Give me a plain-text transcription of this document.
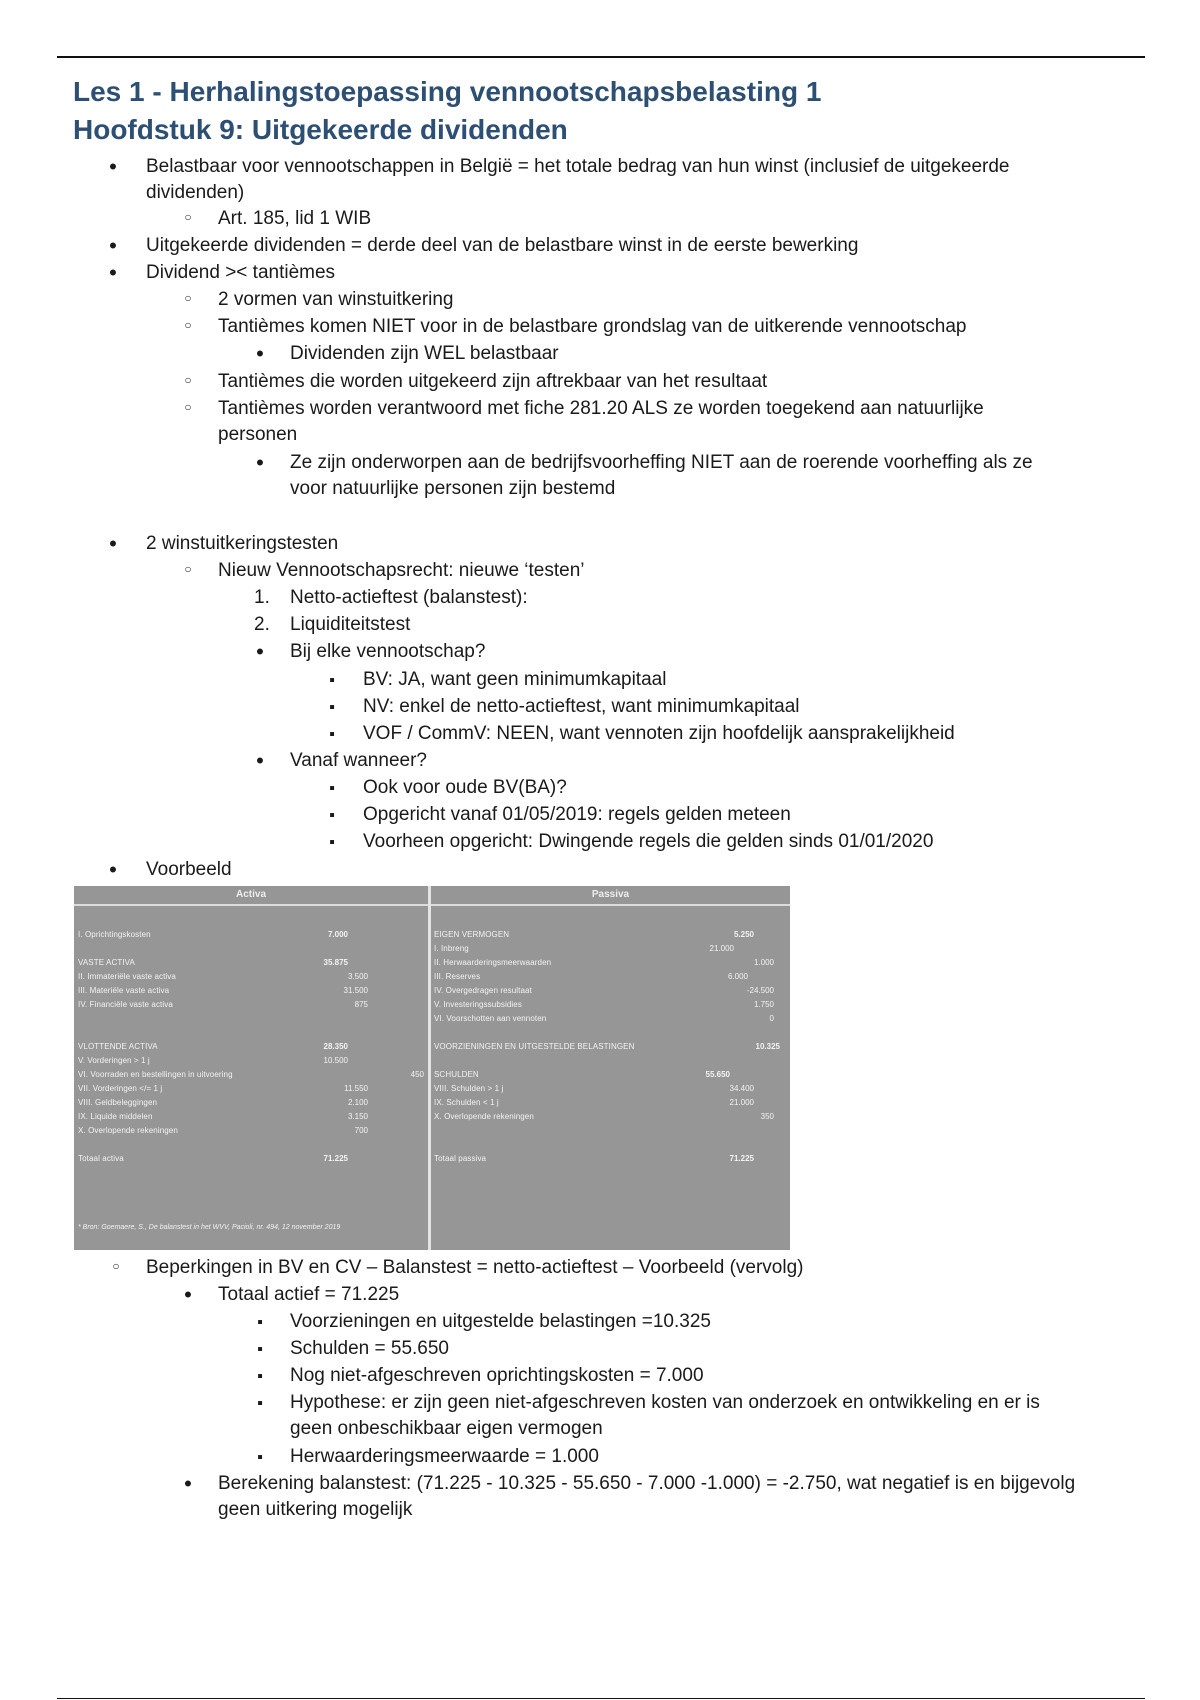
Les 1 - Herhalingstoepassing vennootschapsbelasting 1
Hoofdstuk 9: Uitgekeerde dividenden
•
Belastbaar voor vennootschappen in België = het totale bedrag van hun winst (inclusief de uitgekeerde
dividenden)
○
Art. 185, lid 1 WIB
•
Uitgekeerde dividenden = derde deel van de belastbare winst in de eerste bewerking
•
Dividend >< tantièmes
○
2 vormen van winstuitkering
○
Tantièmes komen NIET voor in de belastbare grondslag van de uitkerende vennootschap
•
Dividenden zijn WEL belastbaar
○
Tantièmes die worden uitgekeerd zijn aftrekbaar van het resultaat
○
Tantièmes worden verantwoord met fiche 281.20 ALS ze worden toegekend aan natuurlijke
personen
•
Ze zijn onderworpen aan de bedrijfsvoorheffing NIET aan de roerende voorheffing als ze
voor natuurlijke personen zijn bestemd
•
2 winstuitkeringstesten
○
Nieuw Vennootschapsrecht: nieuwe ‘testen’
1. Netto-actieftest (balanstest):
2. Liquiditeitstest
•
Bij elke vennootschap?
▪
BV: JA, want geen minimumkapitaal
▪
NV: enkel de netto-actieftest, want minimumkapitaal
▪
VOF / CommV: NEEN, want vennoten zijn hoofdelijk aansprakelijkheid
•
Vanaf wanneer?
▪
Ook voor oude BV(BA)?
▪
Opgericht vanaf 01/05/2019: regels gelden meteen
▪
Voorheen opgericht: Dwingende regels die gelden sinds 01/01/2020
•
Voorbeeld
Activa	Passiva
I. Oprichtingskosten	7.000
VASTE ACTIVA	35.875
II. Immateriële vaste activa	3.500
III. Materiële vaste activa	31.500
IV. Financiële vaste activa	875
VLOTTENDE ACTIVA	28.350
V. Vorderingen > 1 j	10.500
VI. Voorraden en bestellingen in uitvoering	450
VII. Vorderingen </= 1 j	11.550
VIII. Geldbeleggingen	2.100
IX. Liquide middelen	3.150
X. Overlopende rekeningen	700
Totaal activa	71.225
* Bron: Goemaere, S., De balanstest in het WVV, Pacioli, nr. 494, 12 november 2019
EIGEN VERMOGEN	5.250
I. Inbreng	21.000
II. Herwaarderingsmeerwaarden	1.000
III. Reserves	6.000
IV. Overgedragen resultaat	-24.500
V. Investeringssubsidies	1.750
VI. Voorschotten aan vennoten	0
VOORZIENINGEN EN UITGESTELDE BELASTINGEN	10.325
SCHULDEN	55.650
VIII. Schulden > 1 j	34.400
IX. Schulden < 1 j	21.000
X. Overlopende rekeningen	350
Totaal passiva	71.225
○
Beperkingen in BV en CV – Balanstest = netto-actieftest – Voorbeeld (vervolg)
•
Totaal actief = 71.225
▪
Voorzieningen en uitgestelde belastingen =10.325
▪
Schulden = 55.650
▪
Nog niet-afgeschreven oprichtingskosten = 7.000
▪
Hypothese: er zijn geen niet-afgeschreven kosten van onderzoek en ontwikkeling en er is
geen onbeschikbaar eigen vermogen
▪
Herwaarderingsmeerwaarde = 1.000
•
Berekening balanstest: (71.225 - 10.325 - 55.650 - 7.000 -1.000) = -2.750, wat negatief is en bijgevolg
geen uitkering mogelijk
